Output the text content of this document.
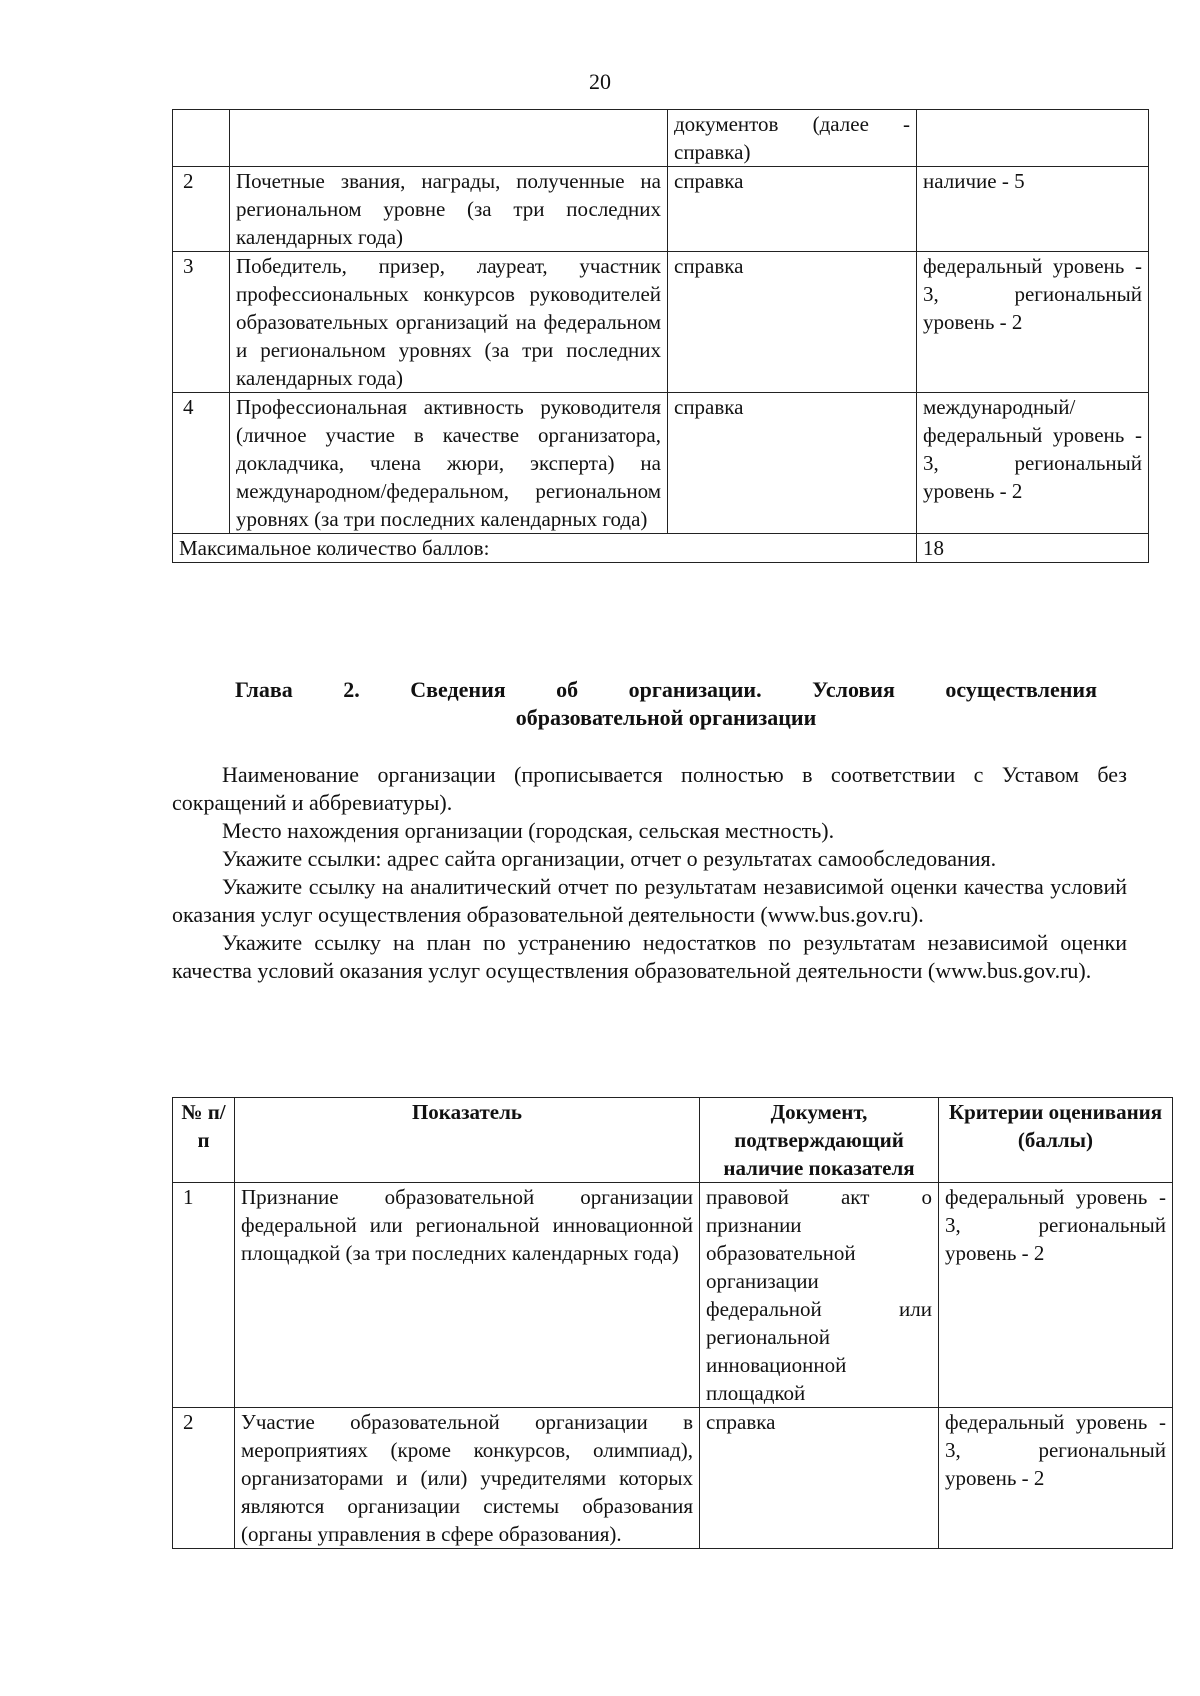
20
		документов (далее - справка)	
2	Почетные звания, награды, полученные на региональном уровне (за три последних календарных года)	справка	наличие - 5
3	Победитель, призер, лауреат, участник профессиональных конкурсов руководителей образовательных организаций на федеральном и региональном уровнях (за три последних календарных года)	справка	федеральный уровень - 3, региональный уровень - 2
4	Профессиональная активность руководителя (личное участие в качестве организатора, докладчика, члена жюри, эксперта) на международном/федеральном, региональном уровнях (за три последних календарных года)	справка	международный/ федеральный уровень - 3, региональный уровень - 2
Максимальное количество баллов:			18
Глава 2. Сведения об организации. Условия осуществления
образовательной организации

Наименование организации (прописывается полностью в соответствии с Уставом без сокращений и аббревиатуры).

Место нахождения организации (городская, сельская местность).

Укажите ссылки: адрес сайта организации, отчет о результатах самообследования.

Укажите ссылку на аналитический отчет по результатам независимой оценки качества условий оказания услуг осуществления образовательной деятельности (www.bus.gov.ru).

Укажите ссылку на план по устранению недостатков по результатам независимой оценки качества условий оказания услуг осуществления образовательной деятельности (www.bus.gov.ru).

№ п/п	Показатель	Документ, подтверждающий наличие показателя	Критерии оценивания (баллы)
1	Признание образовательной организации федеральной или региональной инновационной площадкой (за три последних календарных года)	правовой акт о признании образовательной организации федеральной или региональной инновационной площадкой	федеральный уровень - 3, региональный уровень - 2
2	Участие образовательной организации в мероприятиях (кроме конкурсов, олимпиад), организаторами и (или) учредителями которых являются организации системы образования (органы управления в сфере образования).	справка	федеральный уровень - 3, региональный уровень - 2
